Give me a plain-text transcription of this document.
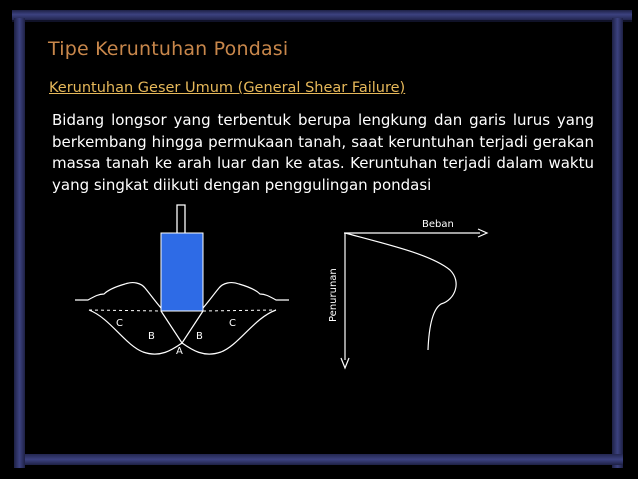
Tipe Keruntuhan Pondasi
Keruntuhan Geser Umum (General Shear Failure)
Bidang longsor yang terbentuk berupa lengkung dan garis lurus yang berkembang hingga permukaan tanah, saat keruntuhan terjadi gerakan massa tanah ke arah luar dan ke atas. Keruntuhan terjadi dalam waktu yang singkat diikuti dengan penggulingan pondasi
C
B
A
B
C
Beban
Penurunan
